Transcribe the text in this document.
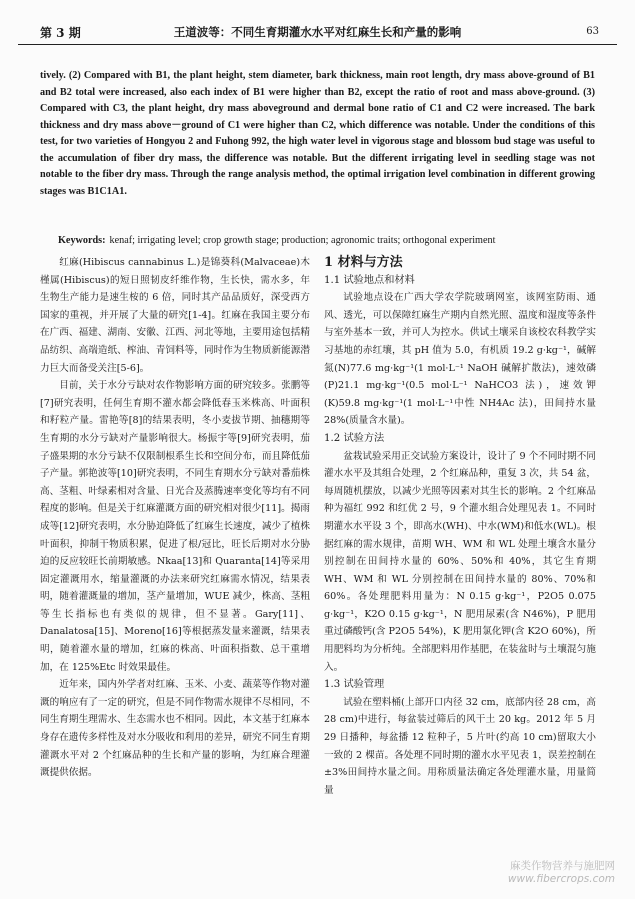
第 3 期	王道波等：不同生育期灌水水平对红麻生长和产量的影响	63
tively. (2) Compared with B1, the plant height, stem diameter, bark thickness, main root length, dry mass above-ground of B1 and B2 total were increased, also each index of B1 were higher than B2, except the ratio of root and mass above-ground. (3) Compared with C3, the plant height, dry mass aboveground and dermal bone ratio of C1 and C2 were increased. The bark thickness and dry mass above－ground of C1 were higher than C2, which difference was notable. Under the conditions of this test, for two varieties of Hongyou 2 and Fuhong 992, the high water level in vigorous stage and blossom bud stage was useful to the accumulation of fiber dry mass, the difference was notable. But the different irrigating level in seedling stage was not notable to the fiber dry mass. Through the range analysis method, the optimal irrigation level combination in different growing stages was B1C1A1.
Keywords: kenaf; irrigating level; crop growth stage; production; agronomic traits; orthogonal experiment

红麻(Hibiscus cannabinus L.)是锦葵科(Malvaceae)木槿属(Hibiscus)的短日照韧皮纤维作物，生长快，需水多，年生物生产能力是速生桉的 6 倍，同时其产品品质好，深受西方国家的重视，并开展了大量的研究[1-4]。红麻在我国主要分布在广西、福建、湖南、安徽、江西、河北等地，主要用途包括精品纺织、高端造纸、榨油、青饲料等，同时作为生物质新能源潜力巨大而备受关注[5-6]。

目前，关于水分亏缺对农作物影响方面的研究较多。张鹏等[7]研究表明，任何生育期不灌水都会降低春玉米株高、叶面积和籽粒产量。雷艳等[8]的结果表明，冬小麦拔节期、抽穗期等生育期的水分亏缺对产量影响很大。杨振宇等[9]研究表明，茄子盛果期的水分亏缺不仅限制根系生长和空间分布，而且降低茄子产量。郭艳波等[10]研究表明，不同生育期水分亏缺对番茄株高、茎粗、叶绿素相对含量、日光合及蒸腾速率变化等均有不同程度的影响。但是关于红麻灌溉方面的研究相对很少[11]。揭雨成等[12]研究表明，水分胁迫降低了红麻生长速度，减少了植株叶面积，抑制干物质积累，促进了根/冠比，旺长后期对水分胁迫的反应较旺长前期敏感。Nkaa[13]和 Quaranta[14]等采用固定灌溉用水，缩量灌溉的办法来研究红麻需水情况，结果表明，随着灌溉量的增加，茎产量增加，WUE 减少，株高、茎粗等生长指标也有类似的规律，但不显著。Gary[11]、Danalatosa[15]、Moreno[16]等根据蒸发量来灌溉，结果表明，随着灌水量的增加，红麻的株高、叶面积指数、总干重增加，在 125%Etc 时效果最佳。

近年来，国内外学者对红麻、玉米、小麦、蔬菜等作物对灌溉的响应有了一定的研究，但是不同作物需水规律不尽相同，不同生育期生理需水、生态需水也不相同。因此，本文基于红麻本身存在遗传多样性及对水分吸收和利用的差异，研究不同生育期灌溉水平对 2 个红麻品种的生长和产量的影响，为红麻合理灌溉提供依据。

1 材料与方法

1.1 试验地点和材料

试验地点设在广西大学农学院玻璃网室，该网室防雨、通风、透光，可以保障红麻生产期内自然光照、温度和湿度等条件与室外基本一致，并可人为控水。供试土壤采自该校农科教学实习基地的赤红壤，其 pH 值为 5.0，有机质 19.2 g·kg⁻¹，碱解氮(N)77.6 mg·kg⁻¹(1 mol·L⁻¹ NaOH 碱解扩散法)，速效磷(P)21.1 mg·kg⁻¹(0.5 mol·L⁻¹ NaHCO3 法)，速效钾(K)59.8 mg·kg⁻¹(1 mol·L⁻¹中性 NH4Ac 法)，田间持水量 28%(质量含水量)。

1.2 试验方法

盆栽试验采用正交试验方案设计，设计了 9 个不同时期不同灌水水平及其组合处理，2 个红麻品种，重复 3 次，共 54 盆，每周随机摆放，以减少光照等因素对其生长的影响。2 个红麻品种为福红 992 和红优 2 号，9 个灌水组合处理见表 1。不同时期灌水水平设 3 个，即高水(WH)、中水(WM)和低水(WL)。根据红麻的需水规律，苗期 WH、WM 和 WL 处理土壤含水量分别控制在田间持水量的 60%、50%和 40%，其它生育期 WH、WM 和 WL 分别控制在田间持水量的 80%、70%和 60%。各处理肥料用量为：N 0.15 g·kg⁻¹，P2O5 0.075 g·kg⁻¹，K2O 0.15 g·kg⁻¹，N 肥用尿素(含 N46%)，P 肥用重过磷酸钙(含 P2O5 54%)，K 肥用氯化钾(含 K2O 60%)，所用肥料均为分析纯。全部肥料用作基肥，在装盆时与土壤混匀施入。

1.3 试验管理

试验在塑料桶(上部开口内径 32 cm，底部内径 28 cm，高 28 cm)中进行，每盆装过筛后的风干土 20 kg。2012 年 5 月 29 日播种，每盆播 12 粒种子，5 片叶(约高 10 cm)留取大小一致的 2 棵苗。各处理不同时期的灌水水平见表 1，误差控制在 ±3%田间持水量之间。用称质量法确定各处理灌水量，用量简量

麻类作物营养与施肥网
www.fibercrops.com
